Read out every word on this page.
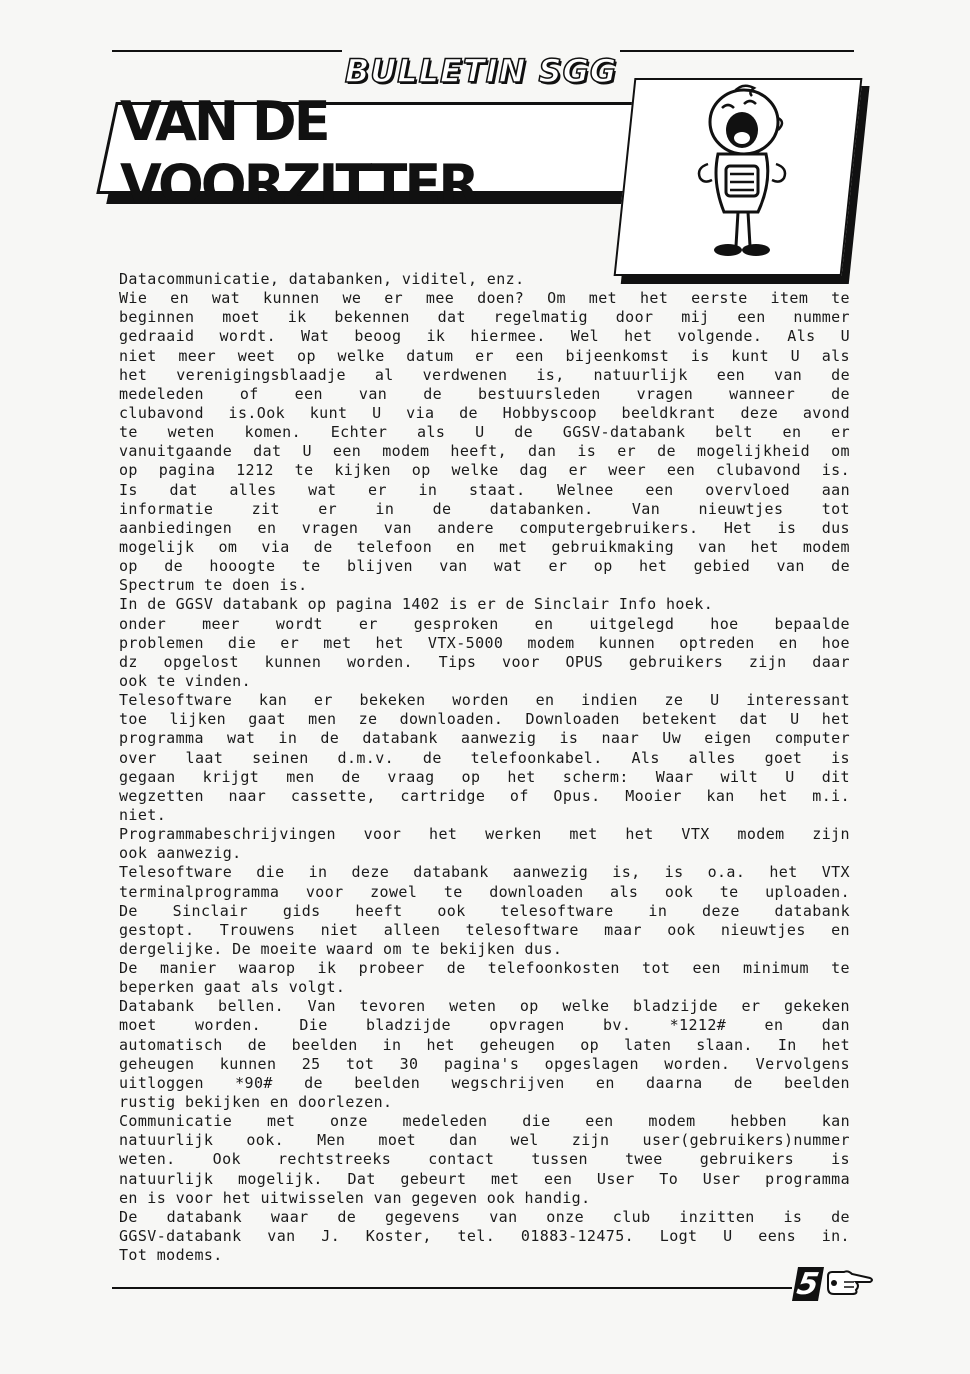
BULLETIN SGG
VAN DE VOORZITTER
Datacommunicatie, databanken, viditel, enz.
Wie en wat kunnen we er mee doen? Om met het eerste item te
beginnen moet ik bekennen dat regelmatig door mij een nummer
gedraaid wordt. Wat beoog ik hiermee. Wel het volgende. Als U
niet meer weet op welke datum er een bijeenkomst is kunt U als
het verenigingsblaadje al verdwenen is, natuurlijk een van de
medeleden of een van de bestuursleden vragen wanneer de
clubavond is.Ook kunt U via de Hobbyscoop beeldkrant deze avond
te weten komen. Echter als U de GGSV-databank belt en er
vanuitgaande dat U een modem heeft, dan is er de mogelijkheid om
op pagina 1212 te kijken op welke dag er weer een clubavond is.
Is dat alles wat er in staat. Welnee een overvloed aan
informatie zit er in de databanken. Van nieuwtjes tot
aanbiedingen en vragen van andere computergebruikers. Het is dus
mogelijk om via de telefoon en met gebruikmaking van het modem
op de hooogte te blijven van wat er op het gebied van de
Spectrum te doen is.
In de GGSV databank op pagina 1402 is er de Sinclair Info hoek.
onder meer wordt er gesproken en uitgelegd hoe bepaalde
problemen die er met het VTX-5000 modem kunnen optreden en hoe
dz opgelost kunnen worden. Tips voor OPUS gebruikers zijn daar
ook te vinden.
Telesoftware kan er bekeken worden en indien ze U interessant
toe lijken gaat men ze downloaden. Downloaden betekent dat U het
programma wat in de databank aanwezig is naar Uw eigen computer
over laat seinen d.m.v. de telefoonkabel. Als alles goet is
gegaan krijgt men de vraag op het scherm: Waar wilt U dit
wegzetten naar cassette, cartridge of Opus. Mooier kan het m.i.
niet.
Programmabeschrijvingen voor het werken met het VTX modem zijn
ook aanwezig.
Telesoftware die in deze databank aanwezig is, is o.a. het VTX
terminalprogramma voor zowel te downloaden als ook te uploaden.
De Sinclair gids heeft ook telesoftware in deze databank
gestopt. Trouwens niet alleen telesoftware maar ook nieuwtjes en
dergelijke. De moeite waard om te bekijken dus.
De manier waarop ik probeer de telefoonkosten tot een minimum te
beperken gaat als volgt.
Databank bellen. Van tevoren weten op welke bladzijde er gekeken
moet worden. Die bladzijde opvragen bv. *1212# en dan
automatisch de beelden in het geheugen op laten slaan. In het
geheugen kunnen 25 tot 30 pagina's opgeslagen worden. Vervolgens
uitloggen *90# de beelden wegschrijven en daarna de beelden
rustig bekijken en doorlezen.
Communicatie met onze medeleden die een modem hebben kan
natuurlijk ook. Men moet dan wel zijn user(gebruikers)nummer
weten. Ook rechtstreeks contact tussen twee gebruikers is
natuurlijk mogelijk. Dat gebeurt met een User To User programma
en is voor het uitwisselen van gegeven ook handig.
De databank waar de gegevens van onze club inzitten is de
GGSV-databank van J. Koster, tel. 01883-12475. Logt U eens in.
Tot modems.
5
